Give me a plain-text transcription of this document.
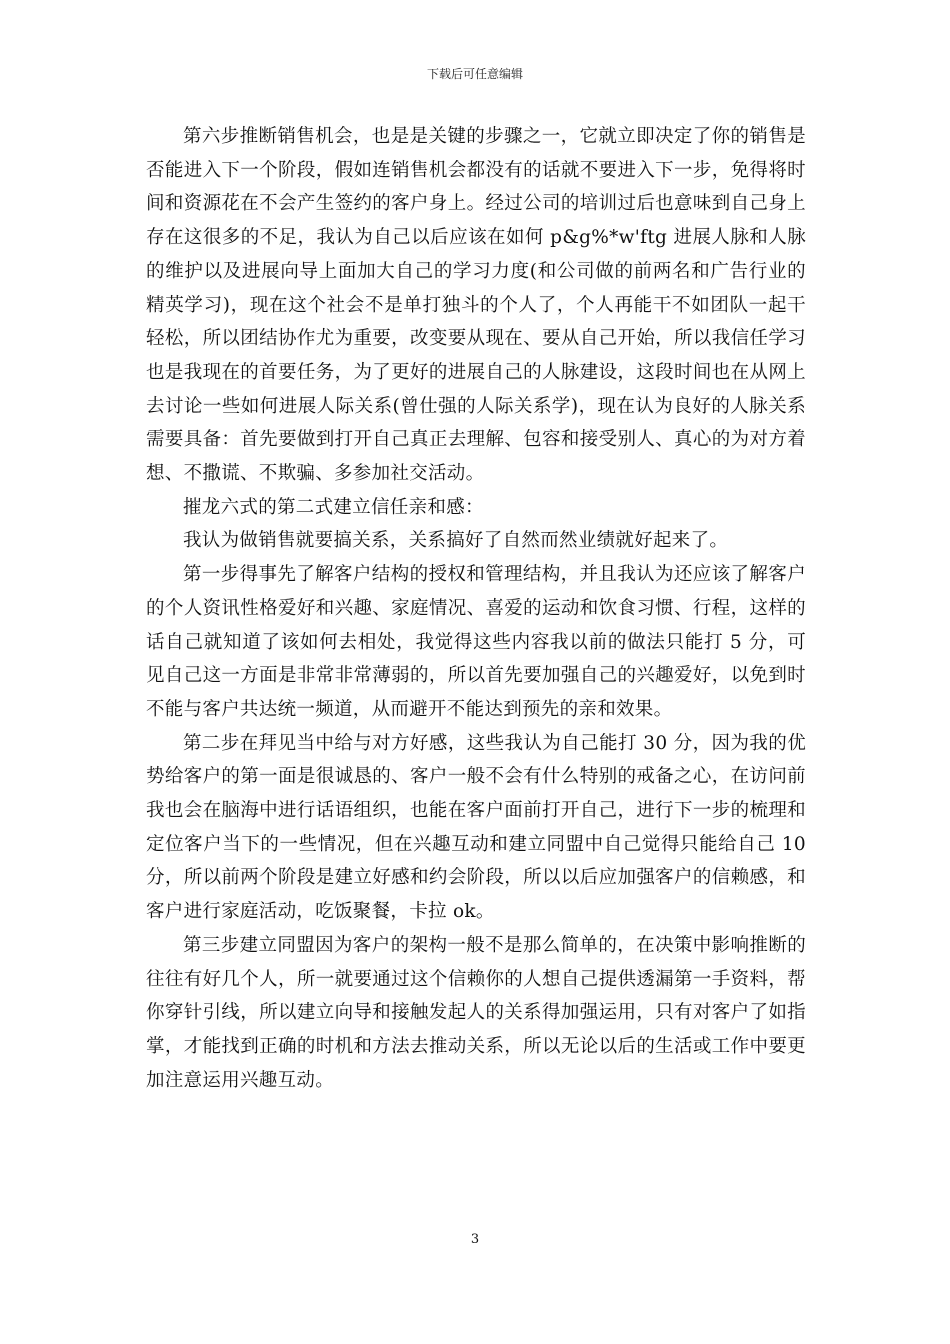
下载后可任意编辑

第六步推断销售机会，也是是关键的步骤之一，它就立即决定了你的销售是否能进入下一个阶段，假如连销售机会都没有的话就不要进入下一步，免得将时间和资源花在不会产生签约的客户身上。经过公司的培训过后也意味到自己身上存在这很多的不足，我认为自己以后应该在如何 p&g%*w'ftg 进展人脉和人脉的维护以及进展向导上面加大自己的学习力度(和公司做的前两名和广告行业的精英学习)，现在这个社会不是单打独斗的个人了，个人再能干不如团队一起干轻松，所以团结协作尤为重要，改变要从现在、要从自己开始，所以我信任学习也是我现在的首要任务，为了更好的进展自己的人脉建设，这段时间也在从网上去讨论一些如何进展人际关系(曾仕强的人际关系学)，现在认为良好的人脉关系需要具备：首先要做到打开自己真正去理解、包容和接受别人、真心的为对方着想、不撒谎、不欺骗、多参加社交活动。

摧龙六式的第二式建立信任亲和感：

我认为做销售就要搞关系，关系搞好了自然而然业绩就好起来了。

第一步得事先了解客户结构的授权和管理结构，并且我认为还应该了解客户的个人资讯性格爱好和兴趣、家庭情况、喜爱的运动和饮食习惯、行程，这样的话自己就知道了该如何去相处，我觉得这些内容我以前的做法只能打 5 分，可见自己这一方面是非常非常薄弱的，所以首先要加强自己的兴趣爱好，以免到时不能与客户共达统一频道，从而避开不能达到预先的亲和效果。

第二步在拜见当中给与对方好感，这些我认为自己能打 30 分，因为我的优势给客户的第一面是很诚恳的、客户一般不会有什么特别的戒备之心，在访问前我也会在脑海中进行话语组织，也能在客户面前打开自己，进行下一步的梳理和定位客户当下的一些情况，但在兴趣互动和建立同盟中自己觉得只能给自己 10 分，所以前两个阶段是建立好感和约会阶段，所以以后应加强客户的信赖感，和客户进行家庭活动，吃饭聚餐，卡拉 ok。

第三步建立同盟因为客户的架构一般不是那么简单的，在决策中影响推断的往往有好几个人，所一就要通过这个信赖你的人想自己提供透漏第一手资料，帮你穿针引线，所以建立向导和接触发起人的关系得加强运用，只有对客户了如指掌，才能找到正确的时机和方法去推动关系，所以无论以后的生活或工作中要更加注意运用兴趣互动。

3
